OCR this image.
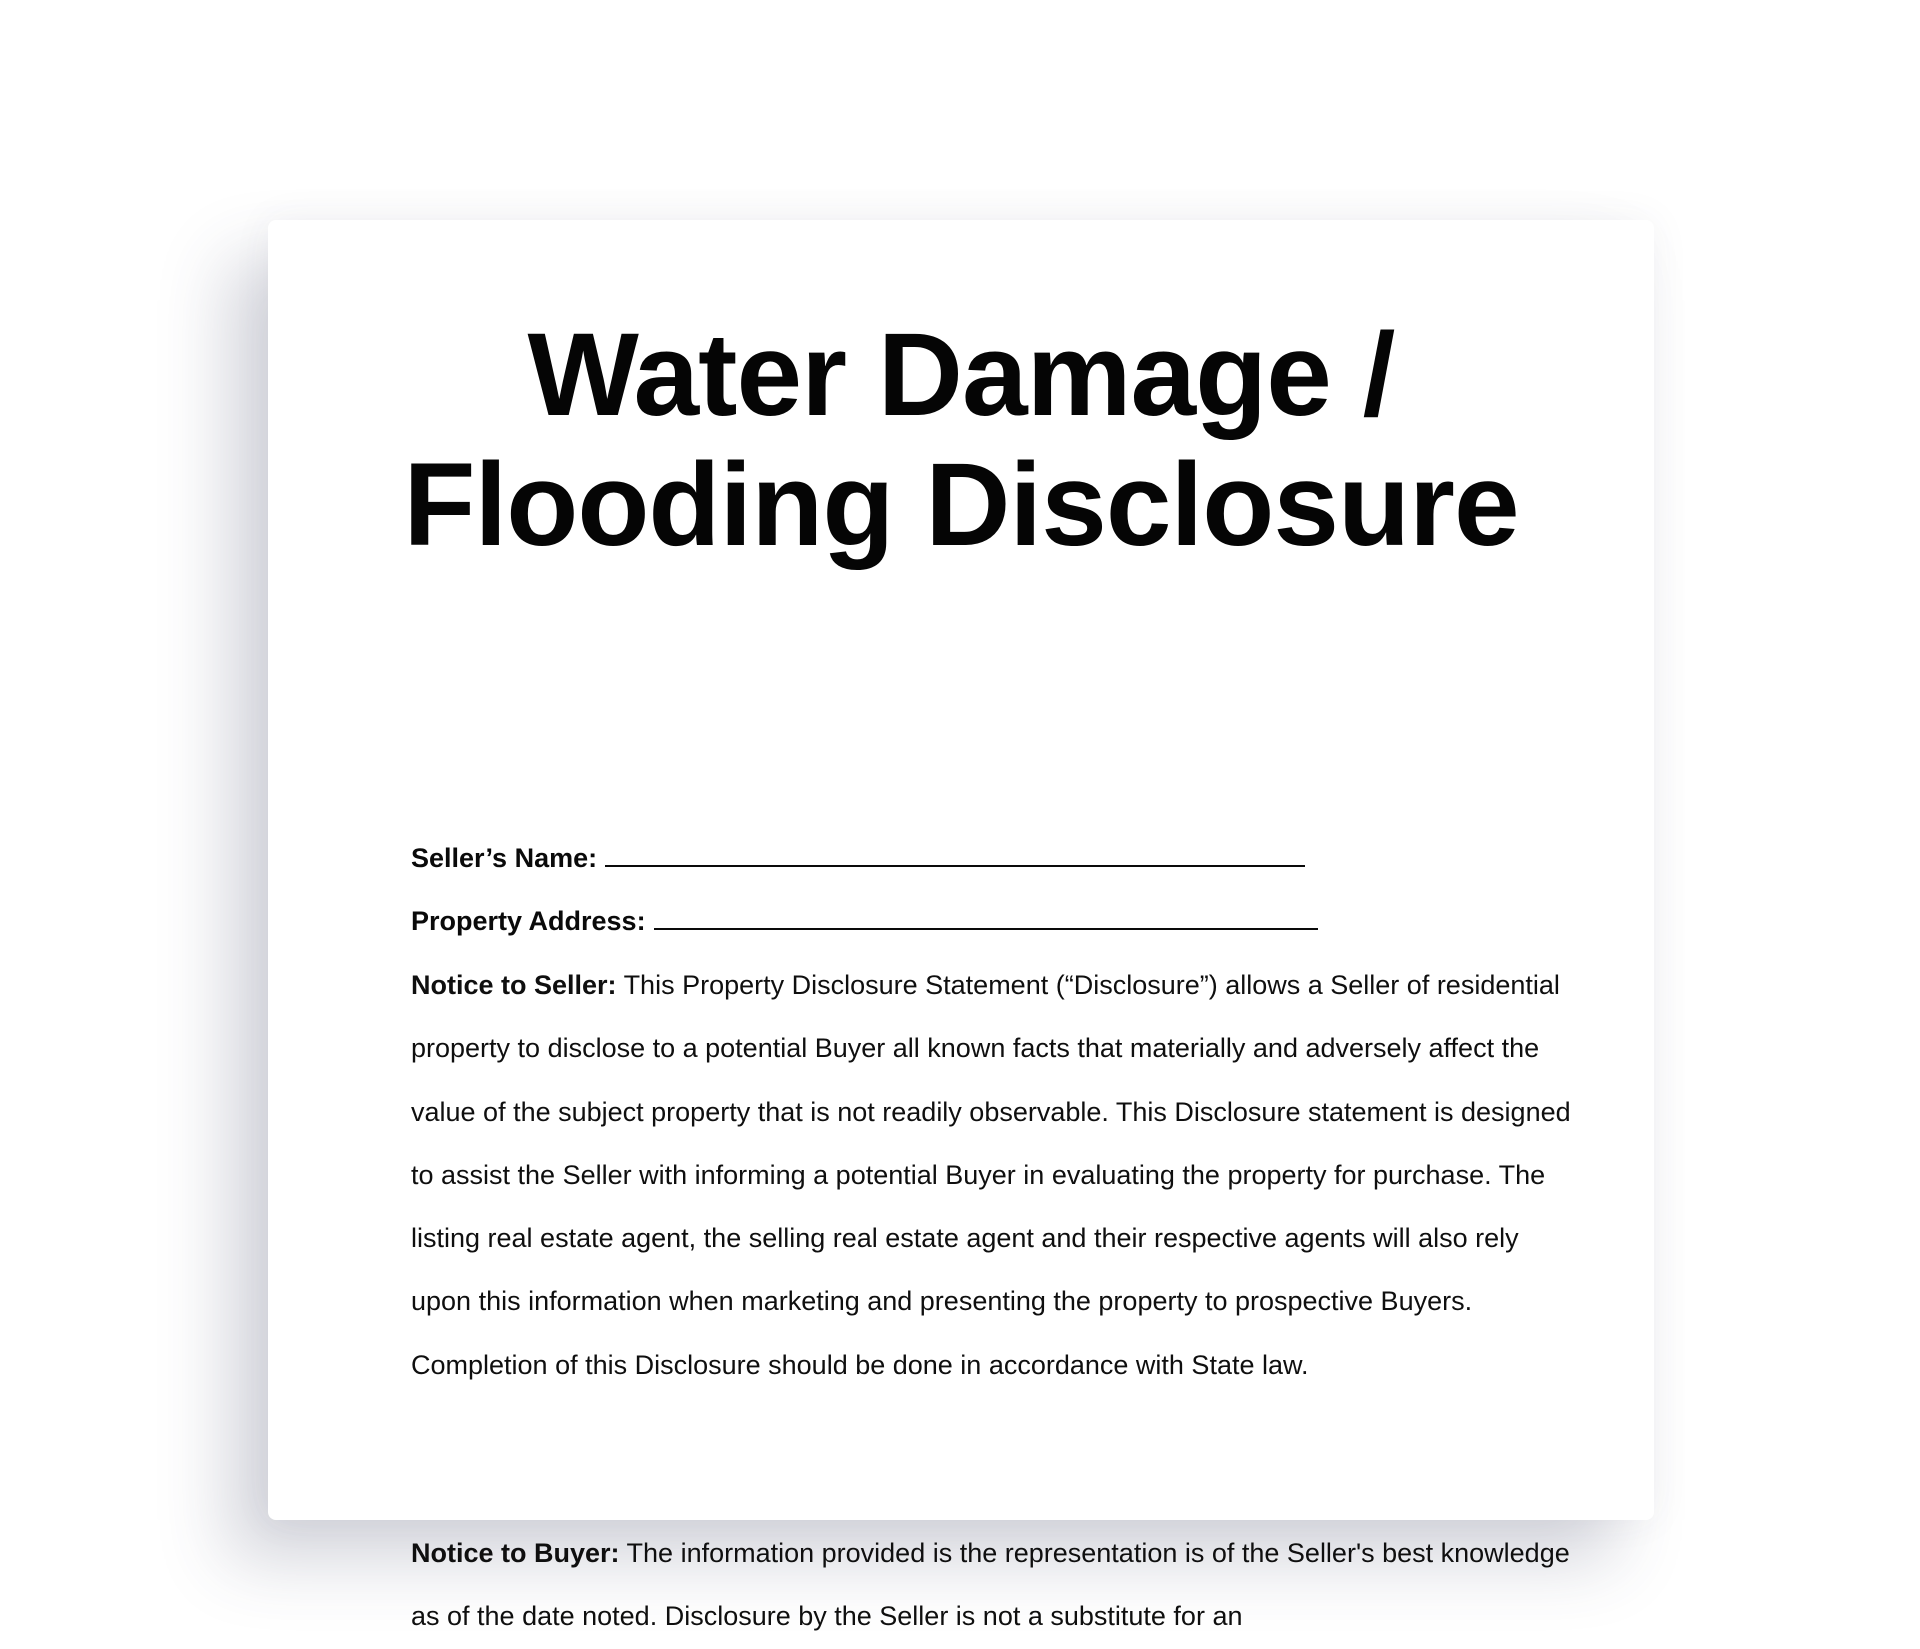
Water Damage /
Flooding Disclosure
Seller’s Name:
Property Address:

Notice to Seller: This Property Disclosure Statement (“Disclosure”) allows a Seller of residential property to disclose to a potential Buyer all known facts that materially and adversely affect the value of the subject property that is not readily observable. This Disclosure statement is designed to assist the Seller with informing a potential Buyer in evaluating the property for purchase. The listing real estate agent, the selling real estate agent and their respective agents will also rely upon this information when marketing and presenting the property to prospective Buyers. Completion of this Disclosure should be done in accordance with State law.

Notice to Buyer: The information provided is the representation is of the Seller's best knowledge as of the date noted. Disclosure by the Seller is not a substitute for an
